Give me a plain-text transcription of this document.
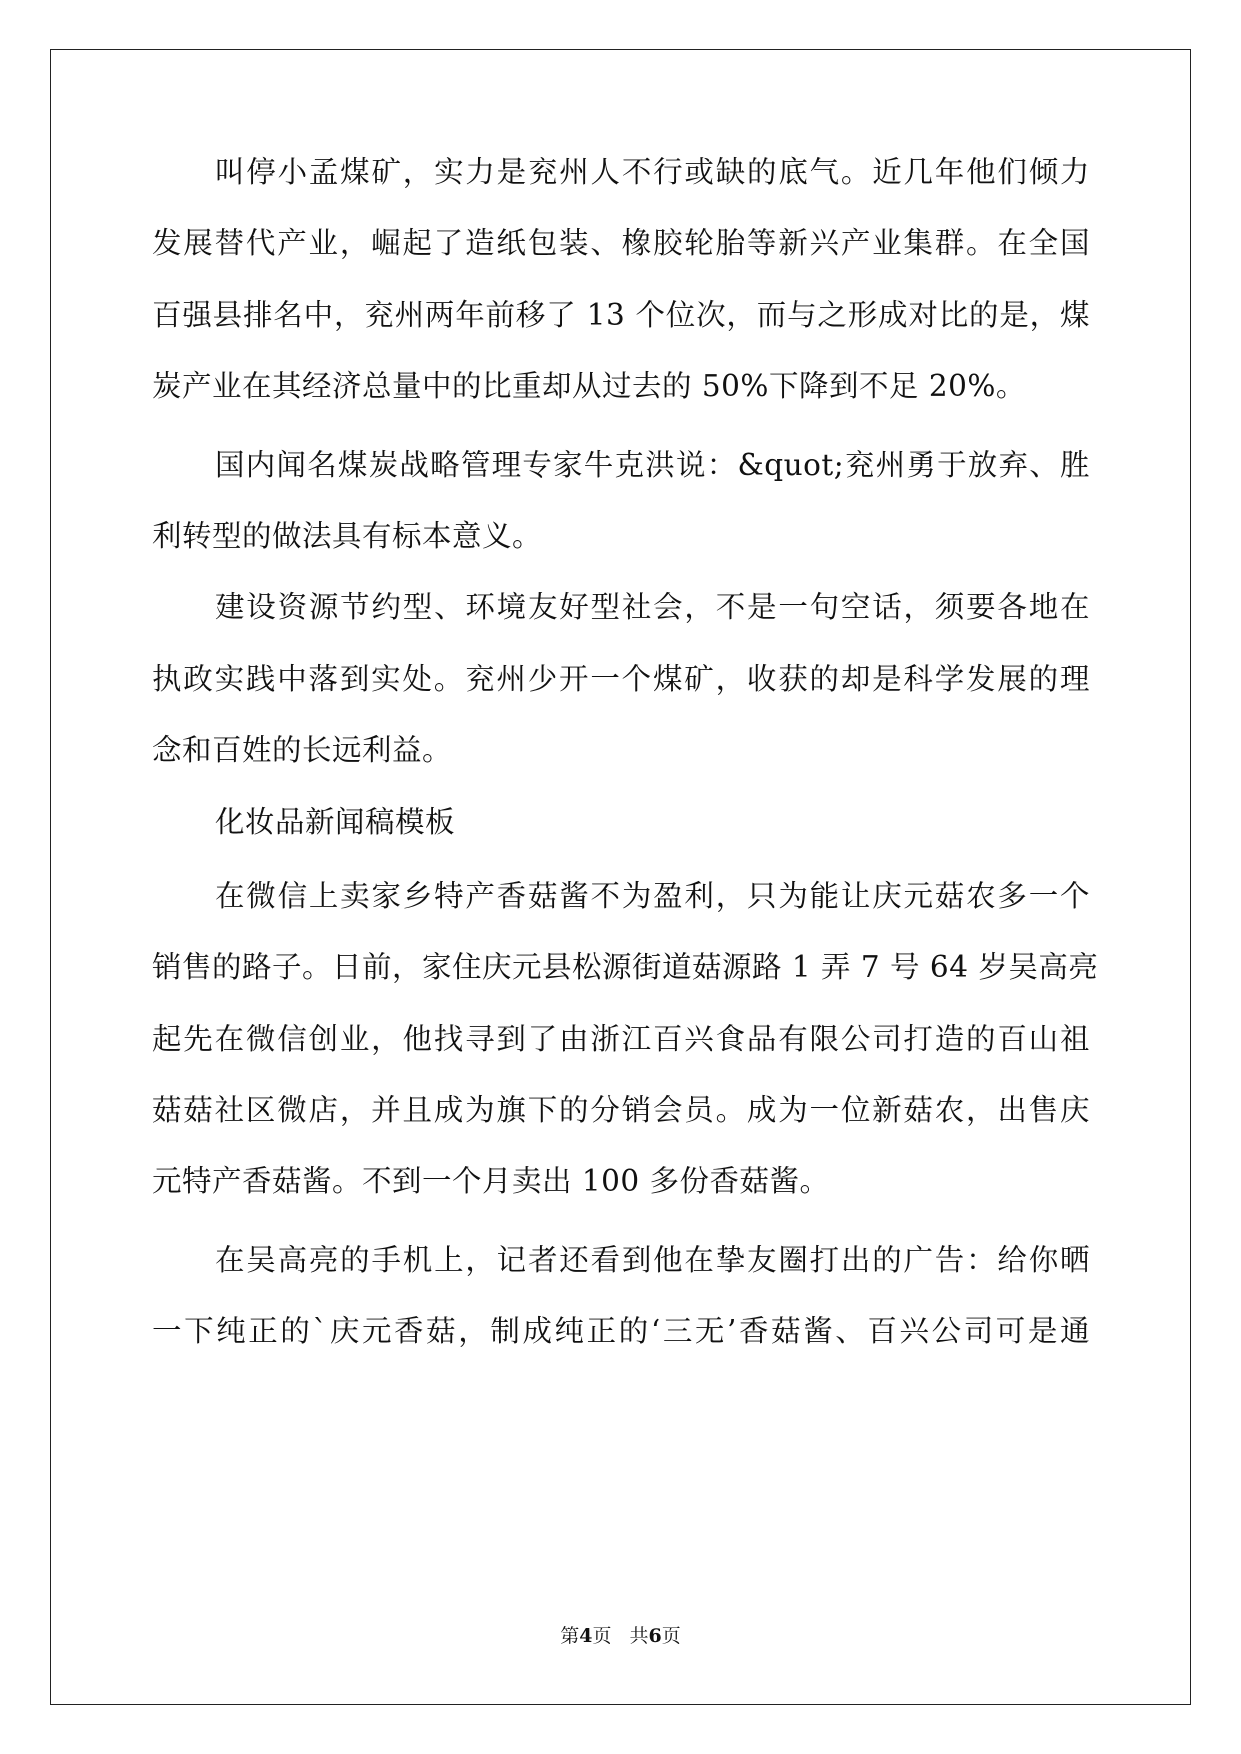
叫停小孟煤矿，实力是兖州人不行或缺的底气。近几年他们倾力

发展替代产业，崛起了造纸包装、橡胶轮胎等新兴产业集群。在全国

百强县排名中，兖州两年前移了 13 个位次，而与之形成对比的是，煤

炭产业在其经济总量中的比重却从过去的 50%下降到不足 20%。

国内闻名煤炭战略管理专家牛克洪说：&quot;兖州勇于放弃、胜

利转型的做法具有标本意义。

建设资源节约型、环境友好型社会，不是一句空话，须要各地在

执政实践中落到实处。兖州少开一个煤矿，收获的却是科学发展的理

念和百姓的长远利益。

化妆品新闻稿模板

在微信上卖家乡特产香菇酱不为盈利，只为能让庆元菇农多一个

销售的路子。日前，家住庆元县松源街道菇源路 1 弄 7 号 64 岁吴高亮

起先在微信创业，他找寻到了由浙江百兴食品有限公司打造的百山祖

菇菇社区微店，并且成为旗下的分销会员。成为一位新菇农，出售庆

元特产香菇酱。不到一个月卖出 100 多份香菇酱。

在吴高亮的手机上，记者还看到他在挚友圈打出的广告：给你晒

一下纯正的`庆元香菇，制成纯正的‘三无’香菇酱、百兴公司可是通

第4页 共6页
